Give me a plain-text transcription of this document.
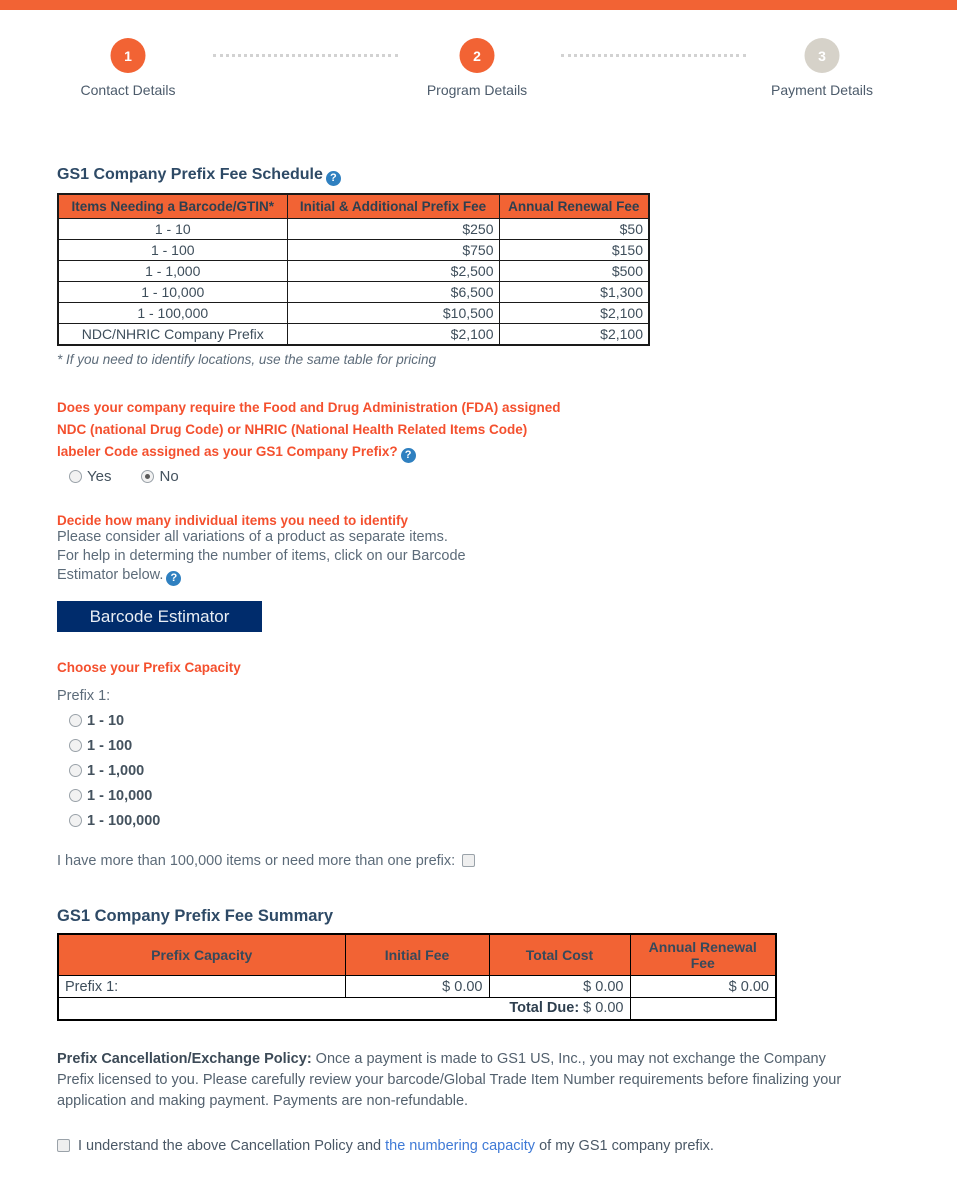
1	2	3
Contact Details	Program Details	Payment Details
GS1 Company Prefix Fee Schedule ?
Items Needing a Barcode/GTIN*	Initial & Additional Prefix Fee	Annual Renewal Fee
1 - 10	$250	$50
1 - 100	$750	$150
1 - 1,000	$2,500	$500
1 - 10,000	$6,500	$1,300
1 - 100,000	$10,500	$2,100
NDC/NHRIC Company Prefix	$2,100	$2,100

* If you need to identify locations, use the same table for pricing

Does your company require the Food and Drug Administration (FDA) assigned
NDC (national Drug Code) or NHRIC (National Health Related Items Code)
labeler Code assigned as your GS1 Company Prefix? ?
Yes	No
Decide how many individual items you need to identify
Please consider all variations of a product as separate items.
For help in determing the number of items, click on our Barcode
Estimator below. ?
Barcode Estimator
Choose your Prefix Capacity
Prefix 1:
1 - 10
1 - 100
1 - 1,000
1 - 10,000
1 - 100,000
I have more than 100,000 items or need more than one prefix:
GS1 Company Prefix Fee Summary
Prefix Capacity	Initial Fee	Total Cost	Annual Renewal Fee
Prefix 1:	$ 0.00	$ 0.00	$ 0.00
Total Due: $ 0.00			

Prefix Cancellation/Exchange Policy: Once a payment is made to GS1 US, Inc., you may not exchange the Company Prefix licensed to you. Please carefully review your barcode/Global Trade Item Number requirements before finalizing your application and making payment. Payments are non-refundable.

I understand the above Cancellation Policy and the numbering capacity of my GS1 company prefix.
